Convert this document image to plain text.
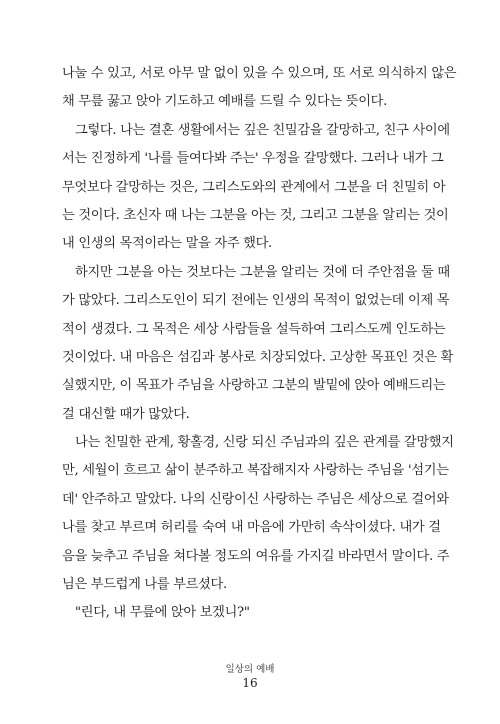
나눌 수 있고, 서로 아무 말 없이 있을 수 있으며, 또 서로 의식하지 않은
채 무릎 꿇고 앉아 기도하고 예배를 드릴 수 있다는 뜻이다.
그렇다. 나는 결혼 생활에서는 깊은 친밀감을 갈망하고, 친구 사이에
서는 진정하게 '나를 들여다봐 주는' 우정을 갈망했다. 그러나 내가 그
무엇보다 갈망하는 것은, 그리스도와의 관계에서 그분을 더 친밀히 아
는 것이다. 초신자 때 나는 그분을 아는 것, 그리고 그분을 알리는 것이
내 인생의 목적이라는 말을 자주 했다.
하지만 그분을 아는 것보다는 그분을 알리는 것에 더 주안점을 둘 때
가 많았다. 그리스도인이 되기 전에는 인생의 목적이 없었는데 이제 목
적이 생겼다. 그 목적은 세상 사람들을 설득하여 그리스도께 인도하는
것이었다. 내 마음은 섬김과 봉사로 치장되었다. 고상한 목표인 것은 확
실했지만, 이 목표가 주님을 사랑하고 그분의 발밑에 앉아 예배드리는
걸 대신할 때가 많았다.
나는 친밀한 관계, 황홀경, 신랑 되신 주님과의 깊은 관계를 갈망했지
만, 세월이 흐르고 삶이 분주하고 복잡해지자 사랑하는 주님을 '섬기는
데' 안주하고 말았다. 나의 신랑이신 사랑하는 주님은 세상으로 걸어와
나를 찾고 부르며 허리를 숙여 내 마음에 가만히 속삭이셨다. 내가 걸
음을 늦추고 주님을 쳐다볼 정도의 여유를 가지길 바라면서 말이다. 주
님은 부드럽게 나를 부르셨다.
"린다, 내 무릎에 앉아 보겠니?"
일상의 예배
16
